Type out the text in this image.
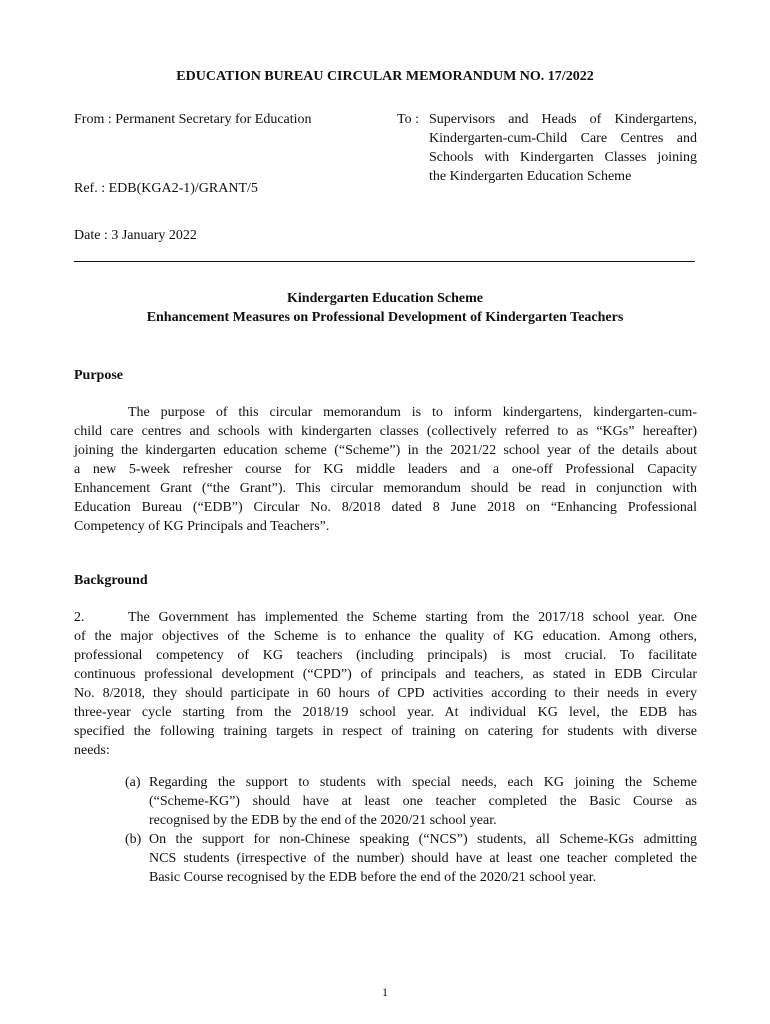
EDUCATION BUREAU CIRCULAR MEMORANDUM NO. 17/2022
From : Permanent Secretary for Education	To : Supervisors and Heads of Kindergartens,
Kindergarten-cum-Child Care Centres and
Schools with Kindergarten Classes joining
the Kindergarten Education Scheme
Ref. : EDB(KGA2-1)/GRANT/5
Date : 3 January 2022
Kindergarten Education Scheme
Enhancement Measures on Professional Development of Kindergarten Teachers
Purpose
The purpose of this circular memorandum is to inform kindergartens, kindergarten-cum-
child care centres and schools with kindergarten classes (collectively referred to as “KGs” hereafter)
joining the kindergarten education scheme (“Scheme”) in the 2021/22 school year of the details about
a new 5-week refresher course for KG middle leaders and a one-off Professional Capacity
Enhancement Grant (“the Grant”). This circular memorandum should be read in conjunction with
Education Bureau (“EDB”) Circular No. 8/2018 dated 8 June 2018 on “Enhancing Professional
Competency of KG Principals and Teachers”.
Background
2.	The Government has implemented the Scheme starting from the 2017/18 school year. One
of the major objectives of the Scheme is to enhance the quality of KG education. Among others,
professional competency of KG teachers (including principals) is most crucial. To facilitate
continuous professional development (“CPD”) of principals and teachers, as stated in EDB Circular
No. 8/2018, they should participate in 60 hours of CPD activities according to their needs in every
three-year cycle starting from the 2018/19 school year. At individual KG level, the EDB has
specified the following training targets in respect of training on catering for students with diverse
needs:
(a) Regarding the support to students with special needs, each KG joining the Scheme
(“Scheme-KG”) should have at least one teacher completed the Basic Course as
recognised by the EDB by the end of the 2020/21 school year.
(b) On the support for non-Chinese speaking (“NCS”) students, all Scheme-KGs admitting
NCS students (irrespective of the number) should have at least one teacher completed the
Basic Course recognised by the EDB before the end of the 2020/21 school year.
1
